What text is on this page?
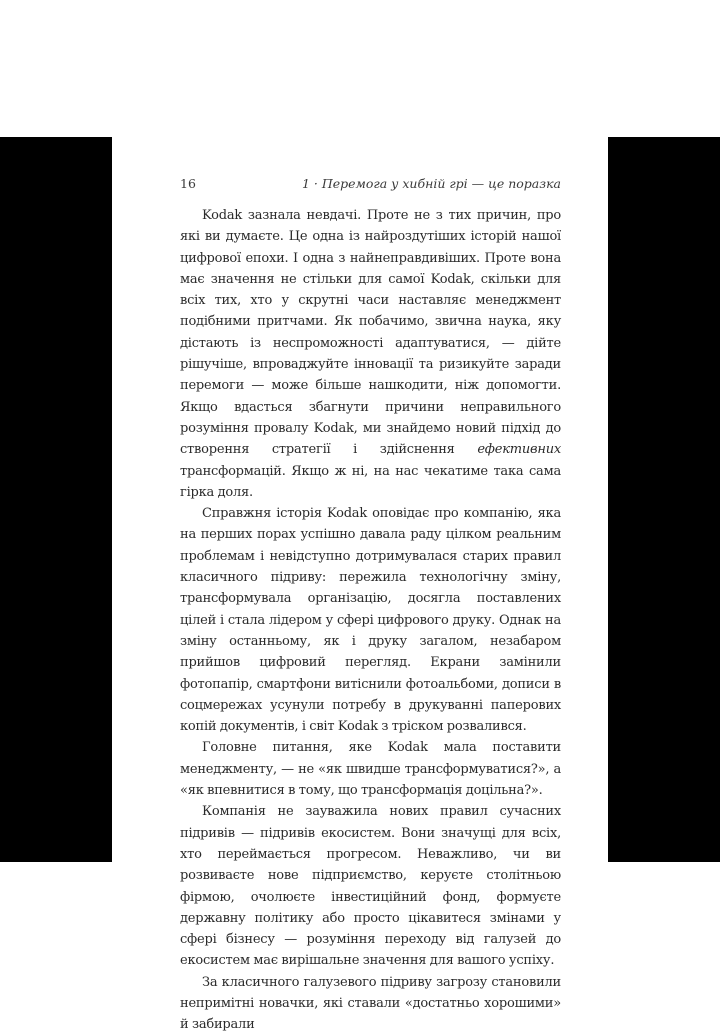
16	1 · Перемога у хибній грі — це поразка

Kodak зазнала невдачі. Проте не з тих причин, про які ви думаєте. Це одна із найроздутіших історій нашої цифрової епохи. І одна з найнеправдивіших. Проте вона має значення не стільки для самої Kodak, скільки для всіх тих, хто у скрутні часи наставляє менеджмент подібними притчами. Як побачимо, звична наука, яку дістають із неспроможності адаптуватися, — дійте рішучіше, впроваджуйте інновації та ризикуйте заради перемоги — може більше нашкодити, ніж допомогти. Якщо вдасться збагнути причини неправильного розуміння провалу Kodak, ми знайдемо новий підхід до створення стратегії і здійснення ефективних трансформацій. Якщо ж ні, на нас чекатиме така сама гірка доля.

Справжня історія Kodak оповідає про компанію, яка на перших порах успішно давала раду цілком реальним проблемам і невідступно дотримувалася старих правил класичного підриву: пережила технологічну зміну, трансформувала організацію, досягла поставлених цілей і стала лідером у сфері цифрового друку. Однак на зміну останньому, як і друку загалом, незабаром прийшов цифровий перегляд. Екрани замінили фотопапір, смартфони витіснили фотоальбоми, дописи в соцмережах усунули потребу в друкуванні паперових копій документів, і світ Kodak з тріском розвалився.

Головне питання, яке Kodak мала поставити менеджменту, — не «як швидше трансформуватися?», а «як впевнитися в тому, що трансформація доцільна?».

Компанія не зауважила нових правил сучасних підривів — підривів екосистем. Вони значущі для всіх, хто переймається прогресом. Неважливо, чи ви розвиваєте нове підприємство, керуєте столітньою фірмою, очолюєте інвестиційний фонд, формуєте державну політику або просто цікавитеся змінами у сфері бізнесу — розуміння переходу від галузей до екосистем має вирішальне значення для вашого успіху.

За класичного галузевого підриву загрозу становили непримітні новачки, які ставали «достатньо хорошими» й забирали
